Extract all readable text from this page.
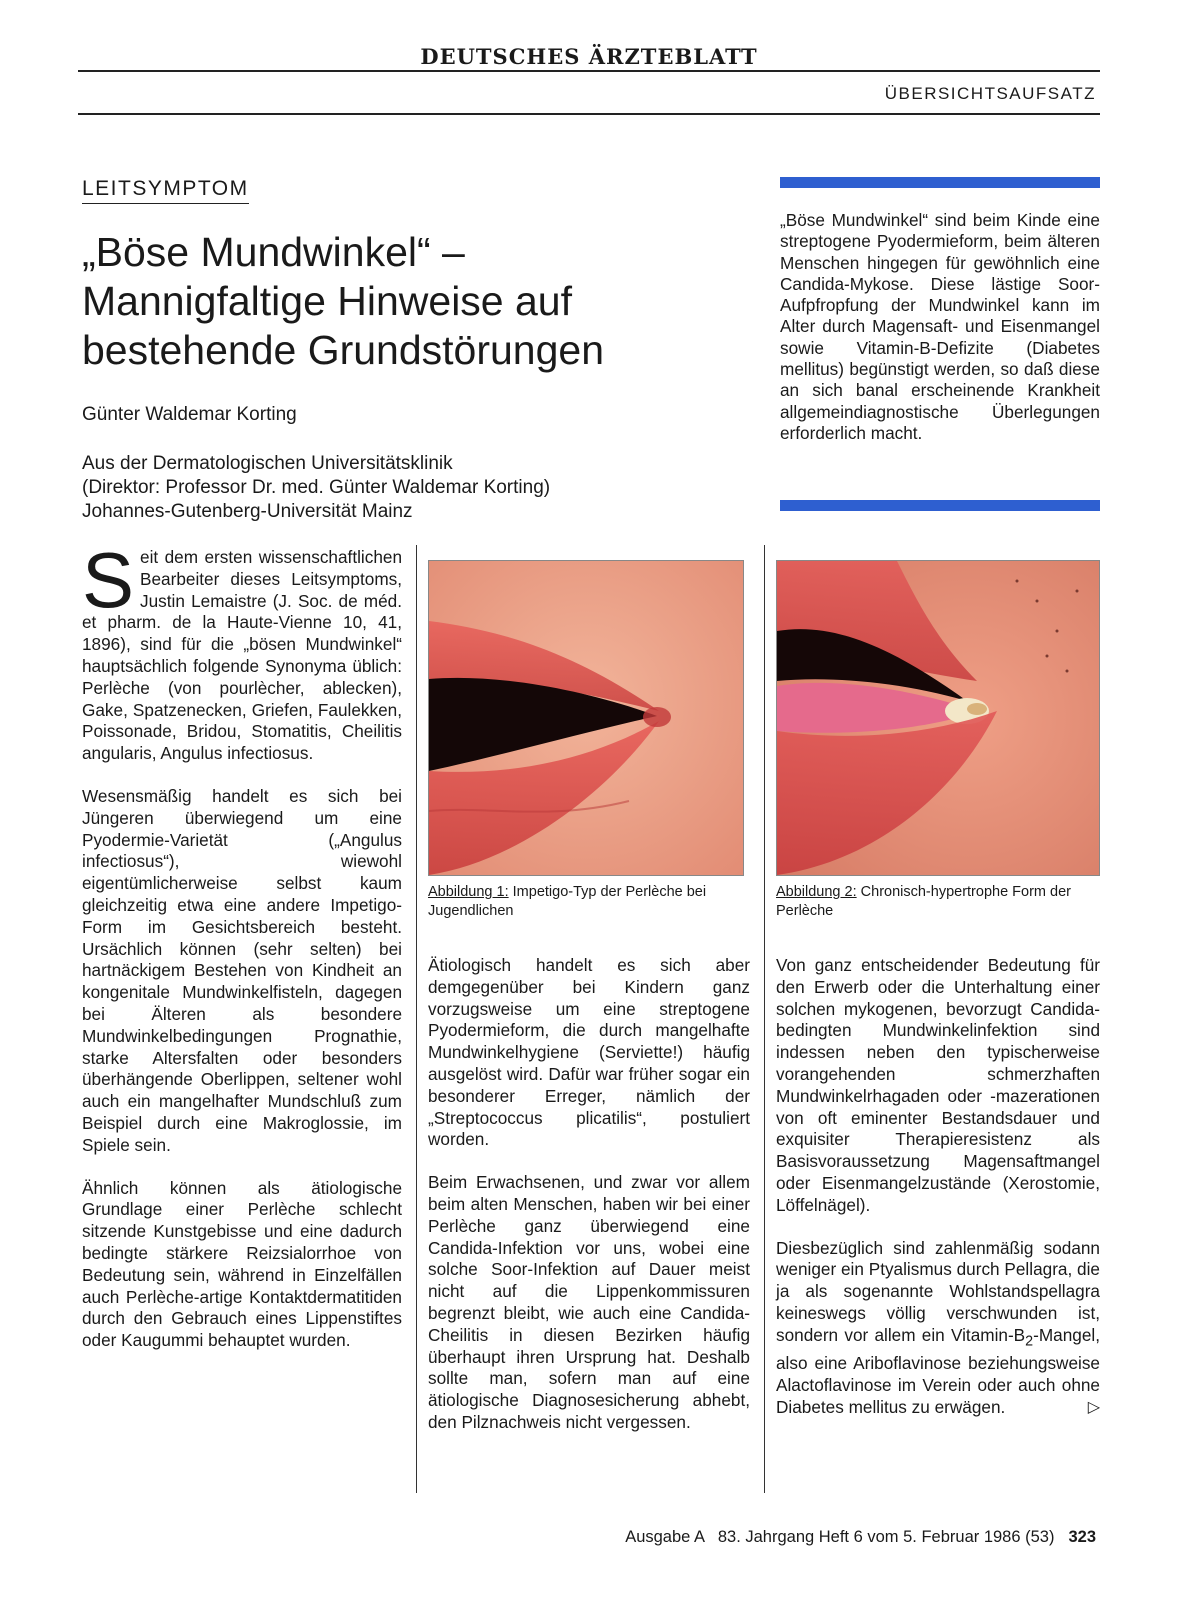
DEUTSCHES ÄRZTEBLATT
ÜBERSICHTSAUFSATZ
LEITSYMPTOM
„Böse Mundwinkel“ –
Mannigfaltige Hinweise auf
bestehende Grundstörungen
Günter Waldemar Korting
Aus der Dermatologischen Universitätsklinik
(Direktor: Professor Dr. med. Günter Waldemar Korting)
Johannes-Gutenberg-Universität Mainz
„Böse Mundwinkel“ sind beim Kinde eine streptogene Pyodermieform, beim älteren Menschen hingegen für gewöhnlich eine Candida-Mykose. Diese lästige Soor-Aufpfropfung der Mundwinkel kann im Alter durch Magensaft- und Eisenmangel sowie Vitamin-B-Defizite (Diabetes mellitus) begünstigt werden, so daß diese an sich banal erscheinende Krankheit allgemeindiagnostische Überlegungen erforderlich macht.

Seit dem ersten wissenschaftlichen Bearbeiter dieses Leitsymptoms, Justin Lemaistre (J. Soc. de méd. et pharm. de la Haute-Vienne 10, 41, 1896), sind für die „bösen Mundwinkel“ hauptsächlich folgende Synonyma üblich: Perlèche (von pourlècher, ablecken), Gake, Spatzenecken, Griefen, Faulekken, Poissonade, Bridou, Stomatitis, Cheilitis angularis, Angulus infectiosus.

Wesensmäßig handelt es sich bei Jüngeren überwiegend um eine Pyodermie-Varietät („Angulus infectiosus“), wiewohl eigentümlicherweise selbst kaum gleichzeitig etwa eine andere Impetigo-Form im Gesichtsbereich besteht. Ursächlich können (sehr selten) bei hartnäckigem Bestehen von Kindheit an kongenitale Mundwinkelfisteln, dagegen bei Älteren als besondere Mundwinkelbedingungen Prognathie, starke Altersfalten oder besonders überhängende Oberlippen, seltener wohl auch ein mangelhafter Mundschluß zum Beispiel durch eine Makroglossie, im Spiele sein.

Ähnlich können als ätiologische Grundlage einer Perlèche schlecht sitzende Kunstgebisse und eine dadurch bedingte stärkere Reizsialorrhoe von Bedeutung sein, während in Einzelfällen auch Perlèche-artige Kontaktdermatitiden durch den Gebrauch eines Lippenstiftes oder Kaugummi behauptet wurden.

Abbildung 1: Impetigo-Typ der Perlèche bei Jugendlichen
Abbildung 2: Chronisch-hypertrophe Form der Perlèche

Ätiologisch handelt es sich aber demgegenüber bei Kindern ganz vorzugsweise um eine streptogene Pyodermieform, die durch mangelhafte Mundwinkelhygiene (Serviette!) häufig ausgelöst wird. Dafür war früher sogar ein besonderer Erreger, nämlich der „Streptococcus plicatilis“, postuliert worden.

Beim Erwachsenen, und zwar vor allem beim alten Menschen, haben wir bei einer Perlèche ganz überwiegend eine Candida-Infektion vor uns, wobei eine solche Soor-Infektion auf Dauer meist nicht auf die Lippenkommissuren begrenzt bleibt, wie auch eine Candida-Cheilitis in diesen Bezirken häufig überhaupt ihren Ursprung hat. Deshalb sollte man, sofern man auf eine ätiologische Diagnosesicherung abhebt, den Pilznachweis nicht vergessen.

Von ganz entscheidender Bedeutung für den Erwerb oder die Unterhaltung einer solchen mykogenen, bevorzugt Candida-bedingten Mundwinkelinfektion sind indessen neben den typischerweise vorangehenden schmerzhaften Mundwinkelrhagaden oder -mazerationen von oft eminenter Bestandsdauer und exquisiter Therapieresistenz als Basisvoraussetzung Magensaftmangel oder Eisenmangelzustände (Xerostomie, Löffelnägel).

Diesbezüglich sind zahlenmäßig sodann weniger ein Ptyalismus durch Pellagra, die ja als sogenannte Wohlstandspellagra keineswegs völlig verschwunden ist, sondern vor allem ein Vitamin-$B_2$-Mangel, also eine Ariboflavinose beziehungsweise Alactoflavinose im Verein oder auch ohne Diabetes mellitus zu erwägen.	▷

Ausgabe A   83. Jahrgang Heft 6 vom 5. Februar 1986 (53) 323
